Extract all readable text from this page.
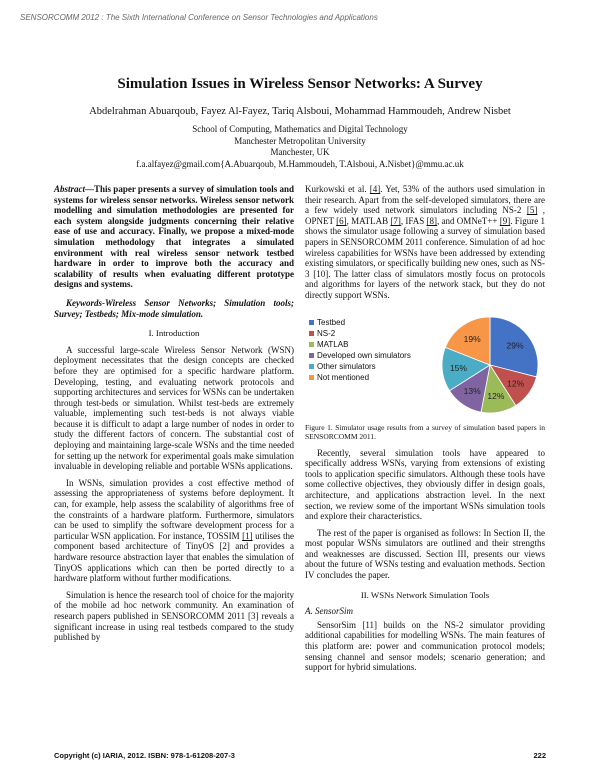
SENSORCOMM 2012 : The Sixth International Conference on Sensor Technologies and Applications
Simulation Issues in Wireless Sensor Networks: A Survey
Abdelrahman Abuarqoub, Fayez Al-Fayez, Tariq Alsboui, Mohammad Hammoudeh, Andrew Nisbet
School of Computing, Mathematics and Digital Technology
Manchester Metropolitan University
Manchester, UK
f.a.alfayez@gmail.com{A.Abuarqoub, M.Hammoudeh, T.Alsboui, A.Nisbet}@mmu.ac.uk

Abstract—This paper presents a survey of simulation tools and systems for wireless sensor networks. Wireless sensor network modelling and simulation methodologies are presented for each system alongside judgments concerning their relative ease of use and accuracy. Finally, we propose a mixed-mode simulation methodology that integrates a simulated environment with real wireless sensor network testbed hardware in order to improve both the accuracy and scalability of results when evaluating different prototype designs and systems.

Keywords-Wireless Sensor Networks; Simulation tools; Survey; Testbeds; Mix-mode simulation.

I. Introduction

A successful large-scale Wireless Sensor Network (WSN) deployment necessitates that the design concepts are checked before they are optimised for a specific hardware platform. Developing, testing, and evaluating network protocols and supporting architectures and services for WSNs can be undertaken through test-beds or simulation. Whilst test-beds are extremely valuable, implementing such test-beds is not always viable because it is difficult to adapt a large number of nodes in order to study the different factors of concern. The substantial cost of deploying and maintaining large-scale WSNs and the time needed for setting up the network for experimental goals make simulation invaluable in developing reliable and portable WSNs applications.

In WSNs, simulation provides a cost effective method of assessing the appropriateness of systems before deployment. It can, for example, help assess the scalability of algorithms free of the constraints of a hardware platform. Furthermore, simulators can be used to simplify the software development process for a particular WSN application. For instance, TOSSIM [1] utilises the component based architecture of TinyOS [2] and provides a hardware resource abstraction layer that enables the simulation of TinyOS applications which can then be ported directly to a hardware platform without further modifications.

Simulation is hence the research tool of choice for the majority of the mobile ad hoc network community. An examination of research papers published in SENSORCOMM 2011 [3] reveals a significant increase in using real testbeds compared to the study published by

Kurkowski et al. [4]. Yet, 53% of the authors used simulation in their research. Apart from the self-developed simulators, there are a few widely used network simulators including NS-2 [5] , OPNET [6], MATLAB [7], IFAS [8], and OMNeT++ [9]. Figure 1 shows the simulator usage following a survey of simulation based papers in SENSORCOMM 2011 conference. Simulation of ad hoc wireless capabilities for WSNs have been addressed by extending existing simulators, or specifically building new ones, such as NS-3 [10]. The latter class of simulators mostly focus on protocols and algorithms for layers of the network stack, but they do not directly support WSNs.

Testbed
NS-2
MATLAB
Developed own simulators
Other simulators
Not mentioned
29%
12%
12%
13%
15%
19%

Figure 1. Simulator usage results from a survey of simulation based papers in SENSORCOMM 2011.

Recently, several simulation tools have appeared to specifically address WSNs, varying from extensions of existing tools to application specific simulators. Although these tools have some collective objectives, they obviously differ in design goals, architecture, and applications abstraction level. In the next section, we review some of the important WSNs simulation tools and explore their characteristics.

The rest of the paper is organised as follows: In Section II, the most popular WSNs simulators are outlined and their strengths and weaknesses are discussed. Section III, presents our views about the future of WSNs testing and evaluation methods. Section IV concludes the paper.

II. WSNs Network Simulation Tools

A. SensorSim

SensorSim [11] builds on the NS-2 simulator providing additional capabilities for modelling WSNs. The main features of this platform are: power and communication protocol models; sensing channel and sensor models; scenario generation; and support for hybrid simulations.

Copyright (c) IARIA, 2012. ISBN: 978-1-61208-207-3	222
